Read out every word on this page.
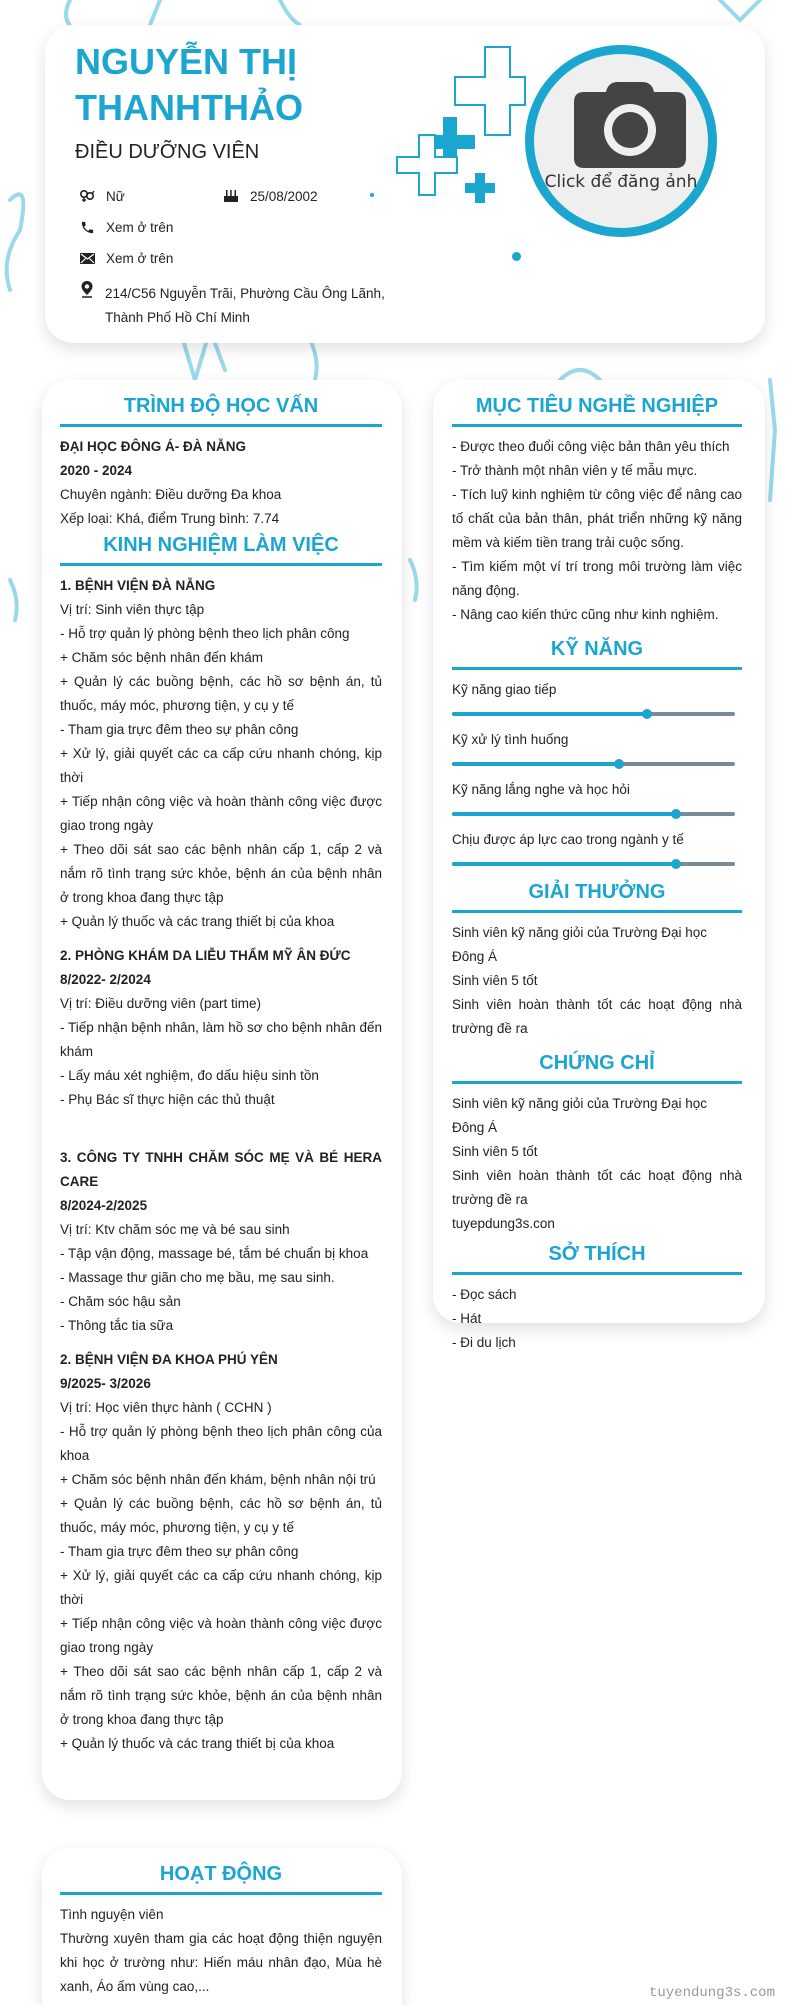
NGUYỄN THỊ
THANHTHẢO
ĐIỀU DƯỠNG VIÊN
Nữ	25/08/2002
Xem ở trên
Xem ở trên
214/C56 Nguyễn Trãi, Phường Cầu Ông Lãnh,
Thành Phố Hồ Chí Minh
Click để đăng ảnh
TRÌNH ĐỘ HỌC VẤN
ĐẠI HỌC ĐÔNG Á- ĐÀ NẴNG
2020 - 2024
Chuyên ngành: Điều dưỡng Đa khoa
Xếp loại: Khá, điểm Trung bình: 7.74
KINH NGHIỆM LÀM VIỆC
1. BỆNH VIỆN ĐÀ NẴNG
Vị trí: Sinh viên thực tập
- Hỗ trợ quản lý phòng bệnh theo lịch phân công
+ Chăm sóc bệnh nhân đến khám
+ Quản lý các buồng bệnh, các hồ sơ bệnh án, tủ thuốc, máy móc, phương tiện, y cụ y tế
- Tham gia trực đêm theo sự phân công
+ Xử lý, giải quyết các ca cấp cứu nhanh chóng, kịp thời
+ Tiếp nhận công việc và hoàn thành công việc được giao trong ngày
+ Theo dõi sát sao các bệnh nhân cấp 1, cấp 2 và nắm rõ tình trạng sức khỏe, bệnh án của bệnh nhân ở trong khoa đang thực tập
+ Quản lý thuốc và các trang thiết bị của khoa
2. PHÒNG KHÁM DA LIỄU THẨM MỸ ÂN ĐỨC
8/2022- 2/2024
Vị trí: Điều dưỡng viên (part time)
- Tiếp nhận bệnh nhân, làm hồ sơ cho bệnh nhân đến khám
- Lấy máu xét nghiệm, đo dấu hiệu sinh tồn
- Phụ Bác sĩ thực hiện các thủ thuật
3. CÔNG TY TNHH CHĂM SÓC MẸ VÀ BÉ HERA CARE
8/2024-2/2025
Vị trí: Ktv chăm sóc mẹ và bé sau sinh
- Tập vận động, massage bé, tắm bé chuẩn bị khoa
- Massage thư giãn cho mẹ bầu, mẹ sau sinh.
- Chăm sóc hậu sản
- Thông tắc tia sữa
2. BỆNH VIỆN ĐA KHOA PHÚ YÊN
9/2025- 3/2026
Vị trí: Học viên thực hành ( CCHN )
- Hỗ trợ quản lý phòng bệnh theo lịch phân công của khoa
+ Chăm sóc bệnh nhân đến khám, bệnh nhân nội trú
+ Quản lý các buồng bệnh, các hồ sơ bệnh án, tủ thuốc, máy móc, phương tiện, y cụ y tế
- Tham gia trực đêm theo sự phân công
+ Xử lý, giải quyết các ca cấp cứu nhanh chóng, kịp thời
+ Tiếp nhận công việc và hoàn thành công việc được giao trong ngày
+ Theo dõi sát sao các bệnh nhân cấp 1, cấp 2 và nắm rõ tình trạng sức khỏe, bệnh án của bệnh nhân ở trong khoa đang thực tập
+ Quản lý thuốc và các trang thiết bị của khoa
MỤC TIÊU NGHỀ NGHIỆP
- Được theo đuổi công việc bản thân yêu thích
- Trở thành một nhân viên y tế mẫu mực.
- Tích luỹ kinh nghiệm từ công việc để nâng cao tố chất của bản thân, phát triển những kỹ năng mềm và kiếm tiền trang trải cuộc sống.
- Tìm kiếm một ví trí trong môi trường làm việc năng động.
- Nâng cao kiến thức cũng như kinh nghiệm.
KỸ NĂNG
Kỹ năng giao tiếp
Kỹ xử lý tình huống
Kỹ năng lắng nghe và học hỏi
Chịu được áp lực cao trong ngành y tế
GIẢI THƯỞNG
Sinh viên kỹ năng giỏi của Trường Đại học Đông Á
Sinh viên 5 tốt
Sinh viên hoàn thành tốt các hoạt động nhà trường đề ra
CHỨNG CHỈ
Sinh viên kỹ năng giỏi của Trường Đại học Đông Á
Sinh viên 5 tốt
Sinh viên hoàn thành tốt các hoạt động nhà trường đề ra
tuyepdung3s.con
SỞ THÍCH
- Đọc sách
- Hát
- Đi du lịch
HOẠT ĐỘNG
Tình nguyện viên
Thường xuyên tham gia các hoạt động thiện nguyện khi học ở trường như: Hiến máu nhân đạo, Mùa hè xanh, Áo ấm vùng cao,...	tuyendung3s.com
